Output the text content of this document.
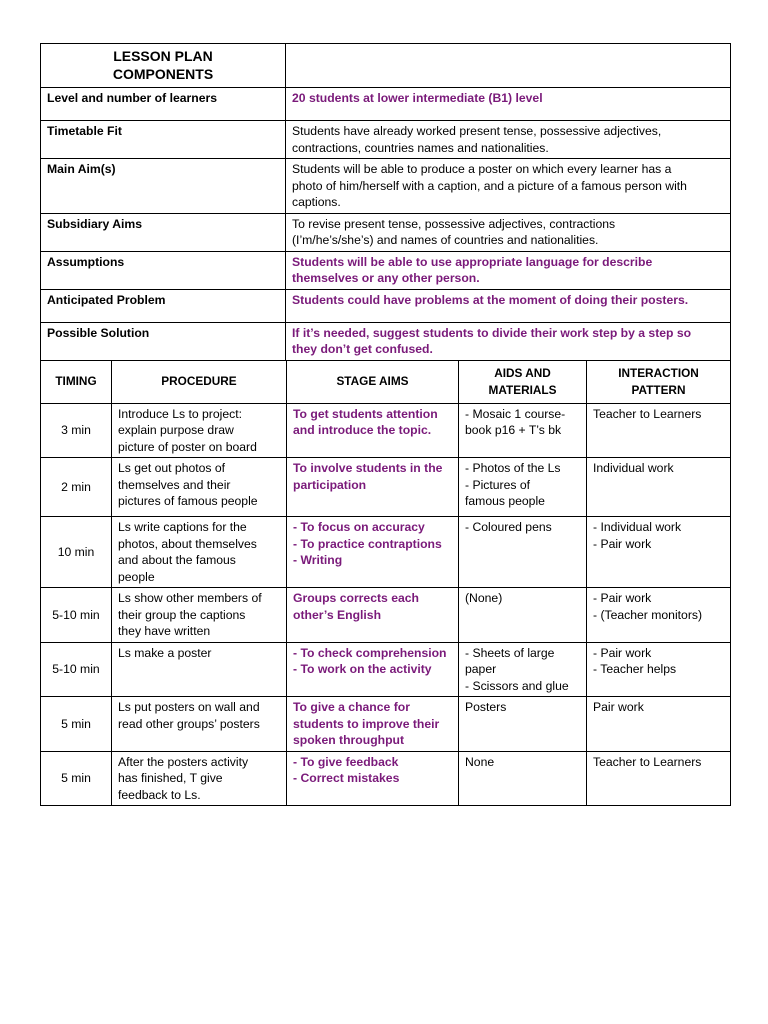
LESSON PLAN
COMPONENTS	

Level and number of learners	20 students at lower intermediate (B1) level

Timetable Fit	Students have already worked present tense, possessive adjectives,
contractions, countries names and nationalities.

Main Aim(s)	Students will be able to produce a poster on which every learner has a
photo of him/herself with a caption, and a picture of a famous person with
captions.

Subsidiary Aims	To revise present tense, possessive adjectives, contractions
(I’m/he’s/she’s) and names of countries and nationalities.

Assumptions	Students will be able to use appropriate language for describe
themselves or any other person.

Anticipated Problem	Students could have problems at the moment of doing their posters.

Possible Solution	If it’s needed, suggest students to divide their work step by a step so
they don’t get confused.
TIMING	PROCEDURE	STAGE AIMS	AIDS AND
MATERIALS	INTERACTION
PATTERN

3 min	Introduce Ls to project:
explain purpose draw
picture of poster on board	To get students attention
and introduce the topic.	- Mosaic 1 course-
book p16 + T’s bk	Teacher to Learners

2 min	Ls get out photos of
themselves and their
pictures of famous people	To involve students in the
participation	- Photos of the Ls
- Pictures of
famous people	Individual work

10 min	Ls write captions for the
photos, about themselves
and about the famous
people	- To focus on accuracy
- To practice contraptions
- Writing	- Coloured pens	- Individual work
- Pair work

5-10 min	Ls show other members of
their group the captions
they have written	Groups corrects each
other’s English	(None)	- Pair work
- (Teacher monitors)

5-10 min	Ls make a poster	- To check comprehension
- To work on the activity	- Sheets of large
paper
- Scissors and glue	- Pair work
- Teacher helps

5 min	Ls put posters on wall and
read other groups’ posters	To give a chance for
students to improve their
spoken throughput	Posters	Pair work

5 min	After the posters activity
has finished, T give
feedback to Ls.	- To give feedback
- Correct mistakes	None	Teacher to Learners
